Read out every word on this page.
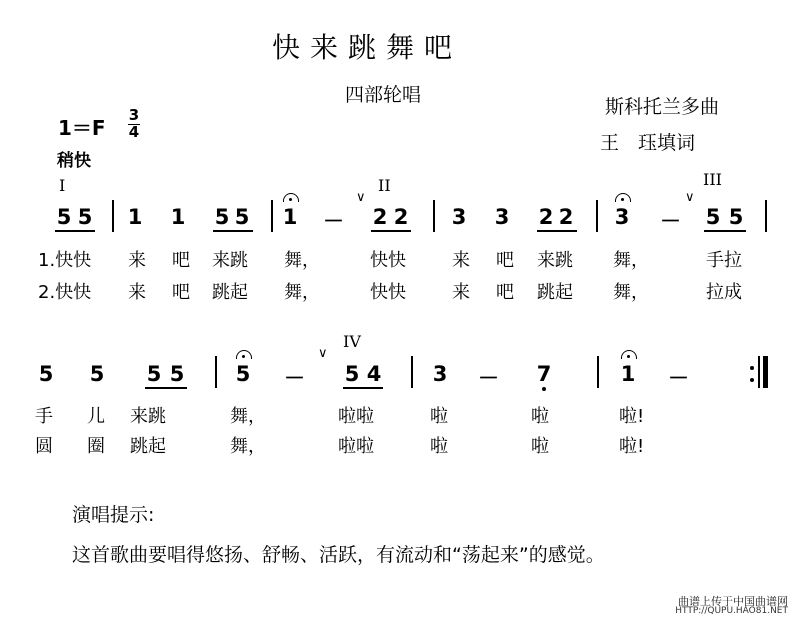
快来跳舞吧
四部轮唱
斯科托兰多曲
王　珏填词
1＝F
3
4
稍快
I	II	III
5 5 1 1 5 5 1 －
∨
2 2 3 3 2 2 3 －
∨
5 5
1.快快 来 吧 来跳 舞，	快快	来 吧 来跳 舞，	手拉
2.快快 来 吧 跳起 舞，	快快	来 吧 跳起 舞，	拉成
IV
5 5 5 5 5 －
∨
5 4 3 － 7	1 －
手 儿 来跳	舞，	啦啦	啦	啦	啦!
圆 圈 跳起	舞，	啦啦	啦	啦	啦!
演唱提示:
这首歌曲要唱得悠扬、舒畅、活跃，有流动和“荡起来”的感觉。
曲谱上传于中国曲谱网
HTTP://QUPU.HAO81.NET
